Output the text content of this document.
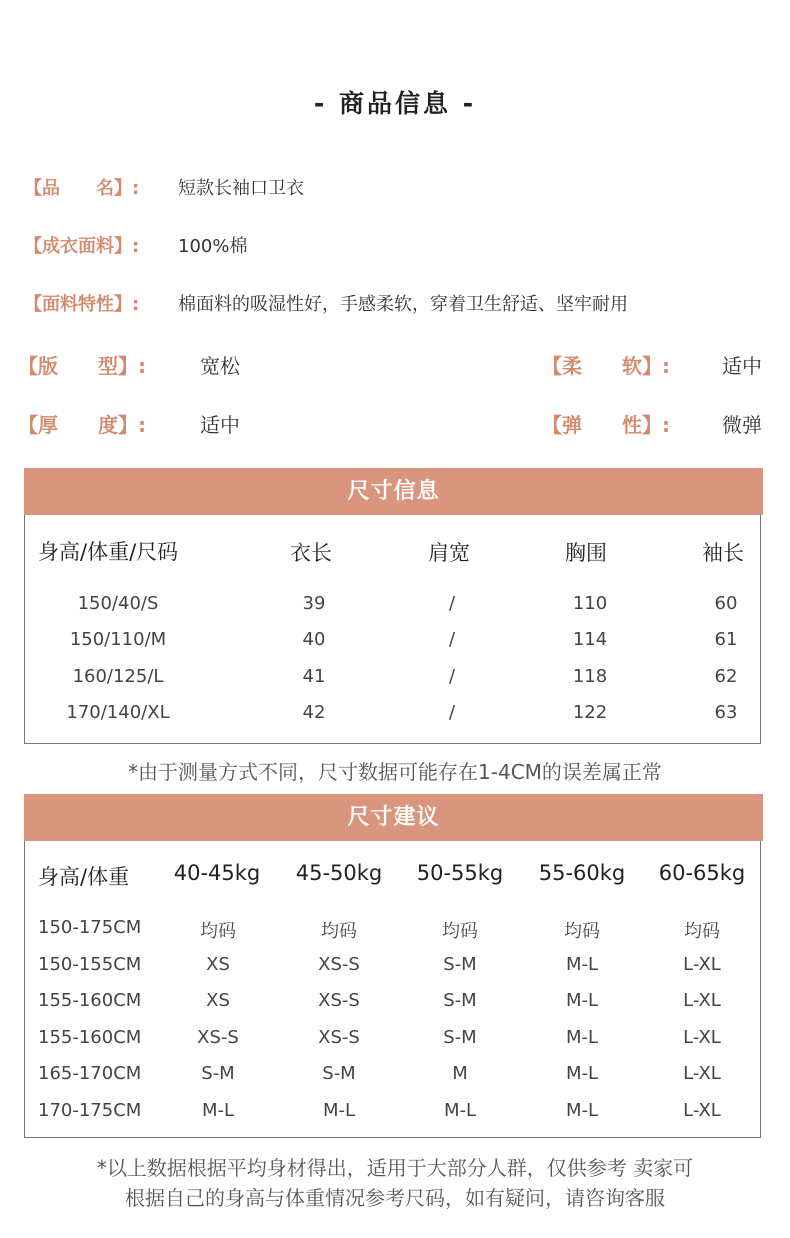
- 商品信息 -
【品　　名】: 短款长袖口卫衣
【成衣面料】: 100%棉
【面料特性】: 棉面料的吸湿性好，手感柔软，穿着卫生舒适、坚牢耐用
【版　　型】:	宽松	【柔　　软】:	适中
【厚　　度】:	适中	【弹　　性】:	微弹
尺寸信息
身高/体重/尺码	衣长	肩宽	胸围	袖长
150/40/S	39	/	110	60
150/110/M	40	/	114	61
160/125/L	41	/	118	62
170/140/XL	42	/	122	63
*由于测量方式不同，尺寸数据可能存在1-4CM的误差属正常
尺寸建议
身高/体重	40-45kg	45-50kg	50-55kg	55-60kg	60-65kg
150-175CM	均码	均码	均码	均码	均码
150-155CM	XS	XS-S	S-M	M-L	L-XL
155-160CM	XS	XS-S	S-M	M-L	L-XL
155-160CM	XS-S	XS-S	S-M	M-L	L-XL
165-170CM	S-M	S-M	M	M-L	L-XL
170-175CM	M-L	M-L	M-L	M-L	L-XL
*以上数据根据平均身材得出，适用于大部分人群，仅供参考 卖家可
根据自己的身高与体重情况参考尺码，如有疑问，请咨询客服
